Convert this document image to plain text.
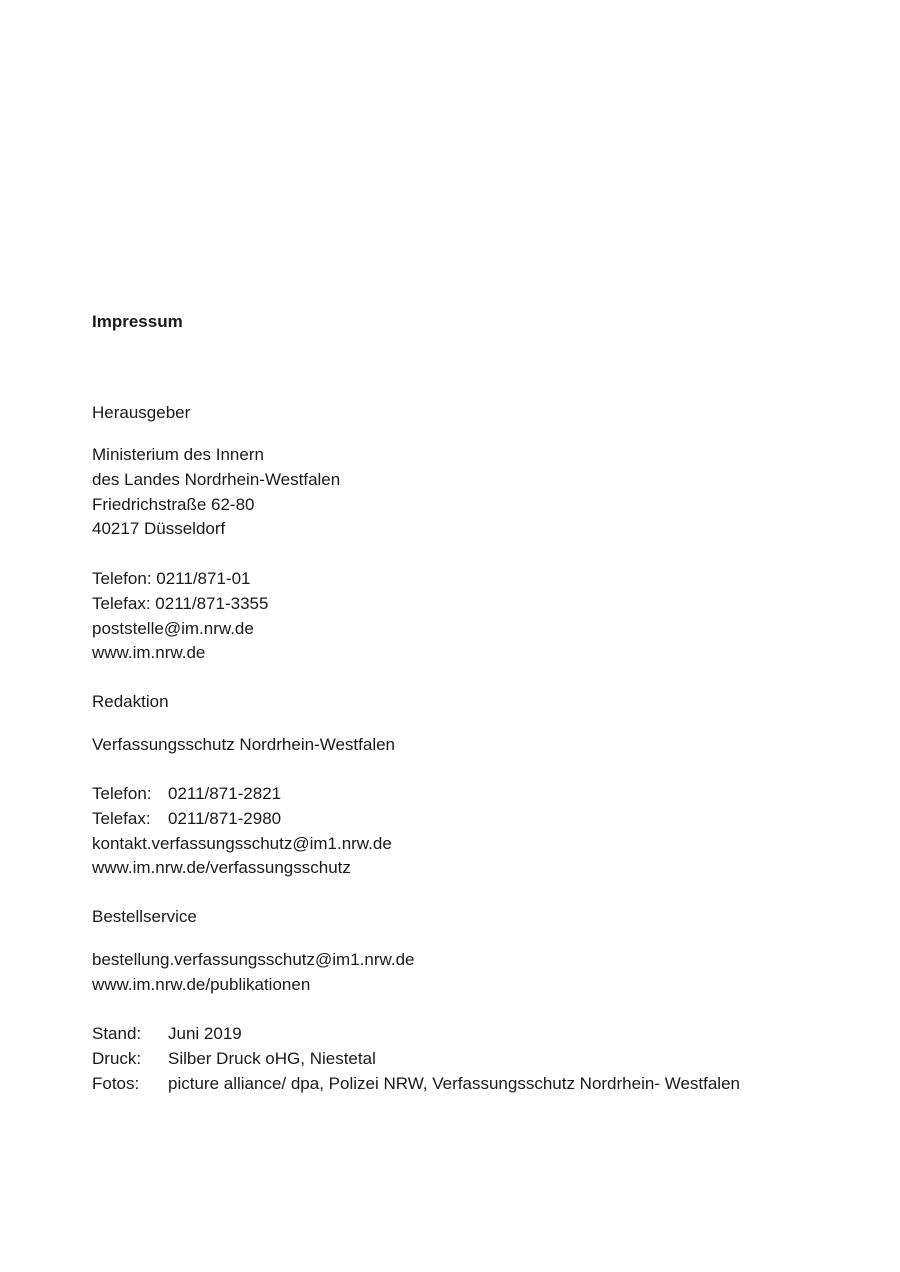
Impressum
Herausgeber
Ministerium des Innern
des Landes Nordrhein-Westfalen
Friedrichstraße 62-80
40217 Düsseldorf
Telefon: 0211/871-01
Telefax: 0211/871-3355
poststelle@im.nrw.de
www.im.nrw.de
Redaktion
Verfassungsschutz Nordrhein-Westfalen
Telefon: 0211/871-2821
Telefax: 0211/871-2980
kontakt.verfassungsschutz@im1.nrw.de
www.im.nrw.de/verfassungsschutz
Bestellservice
bestellung.verfassungsschutz@im1.nrw.de
www.im.nrw.de/publikationen
Stand: Juni 2019
Druck: Silber Druck oHG, Niestetal
Fotos: picture alliance/ dpa, Polizei NRW, Verfassungsschutz Nordrhein- Westfalen
